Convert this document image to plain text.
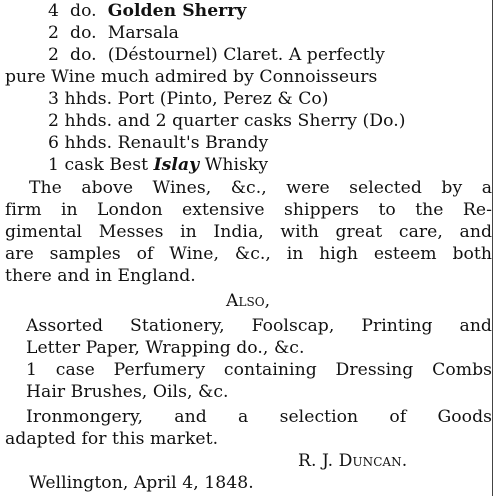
4 do. Golden Sherry
2 do. Marsala
2 do. (Déstournel) Claret. A perfectly
pure Wine much admired by Connoisseurs
3 hhds. Port (Pinto, Perez & Co)
2 hhds. and 2 quarter casks Sherry (Do.)
6 hhds. Renault's Brandy
1 cask Best Islay Whisky
The above Wines, &c., were selected by a
firm in London extensive shippers to the Re-
gimental Messes in India, with great care, and
are samples of Wine, &c., in high esteem both
there and in England.
Also,
Assorted Stationery, Foolscap, Printing and
Letter Paper, Wrapping do., &c.
1 case Perfumery containing Dressing Combs
Hair Brushes, Oils, &c.
Ironmongery, and a selection of Goods
adapted for this market.
R. J. Duncan.
Wellington, April 4, 1848.
